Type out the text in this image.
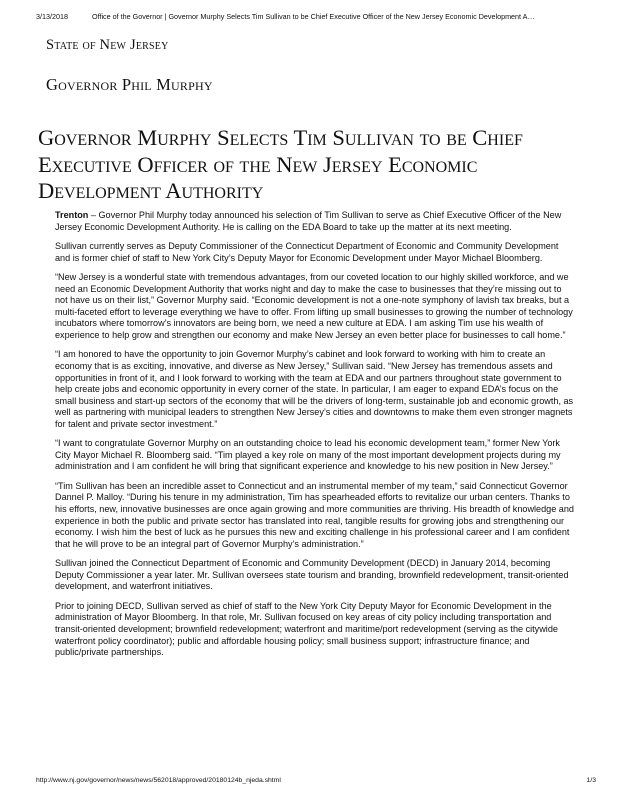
3/13/2018	Office of the Governor | Governor Murphy Selects Tim Sullivan to be Chief Executive Officer of the New Jersey Economic Development A…
State of New Jersey
Governor Phil Murphy
Governor Murphy Selects Tim Sullivan to be Chief Executive Officer of the New Jersey Economic Development Authority

Trenton – Governor Phil Murphy today announced his selection of Tim Sullivan to serve as Chief Executive Officer of the New Jersey Economic Development Authority. He is calling on the EDA Board to take up the matter at its next meeting.

Sullivan currently serves as Deputy Commissioner of the Connecticut Department of Economic and Community Development and is former chief of staff to New York City’s Deputy Mayor for Economic Development under Mayor Michael Bloomberg.

“New Jersey is a wonderful state with tremendous advantages, from our coveted location to our highly skilled workforce, and we need an Economic Development Authority that works night and day to make the case to businesses that they’re missing out to not have us on their list,” Governor Murphy said. “Economic development is not a one-note symphony of lavish tax breaks, but a multi-faceted effort to leverage everything we have to offer. From lifting up small businesses to growing the number of technology incubators where tomorrow’s innovators are being born, we need a new culture at EDA. I am asking Tim use his wealth of experience to help grow and strengthen our economy and make New Jersey an even better place for businesses to call home.”

“I am honored to have the opportunity to join Governor Murphy’s cabinet and look forward to working with him to create an economy that is as exciting, innovative, and diverse as New Jersey,” Sullivan said. “New Jersey has tremendous assets and opportunities in front of it, and I look forward to working with the team at EDA and our partners throughout state government to help create jobs and economic opportunity in every corner of the state. In particular, I am eager to expand EDA’s focus on the small business and start-up sectors of the economy that will be the drivers of long-term, sustainable job and economic growth, as well as partnering with municipal leaders to strengthen New Jersey’s cities and downtowns to make them even stronger magnets for talent and private sector investment.”

“I want to congratulate Governor Murphy on an outstanding choice to lead his economic development team,” former New York City Mayor Michael R. Bloomberg said. “Tim played a key role on many of the most important development projects during my administration and I am confident he will bring that significant experience and knowledge to his new position in New Jersey.”

“Tim Sullivan has been an incredible asset to Connecticut and an instrumental member of my team,” said Connecticut Governor Dannel P. Malloy. “During his tenure in my administration, Tim has spearheaded efforts to revitalize our urban centers. Thanks to his efforts, new, innovative businesses are once again growing and more communities are thriving. His breadth of knowledge and experience in both the public and private sector has translated into real, tangible results for growing jobs and strengthening our economy. I wish him the best of luck as he pursues this new and exciting challenge in his professional career and I am confident that he will prove to be an integral part of Governor Murphy’s administration.”

Sullivan joined the Connecticut Department of Economic and Community Development (DECD) in January 2014, becoming Deputy Commissioner a year later. Mr. Sullivan oversees state tourism and branding, brownfield redevelopment, transit-oriented development, and waterfront initiatives.

Prior to joining DECD, Sullivan served as chief of staff to the New York City Deputy Mayor for Economic Development in the administration of Mayor Bloomberg. In that role, Mr. Sullivan focused on key areas of city policy including transportation and transit-oriented development; brownfield redevelopment; waterfront and maritime/port redevelopment (serving as the citywide waterfront policy coordinator); public and affordable housing policy; small business support; infrastructure finance; and public/private partnerships.

http://www.nj.gov/governor/news/news/562018/approved/20180124b_njeda.shtml	1/3
